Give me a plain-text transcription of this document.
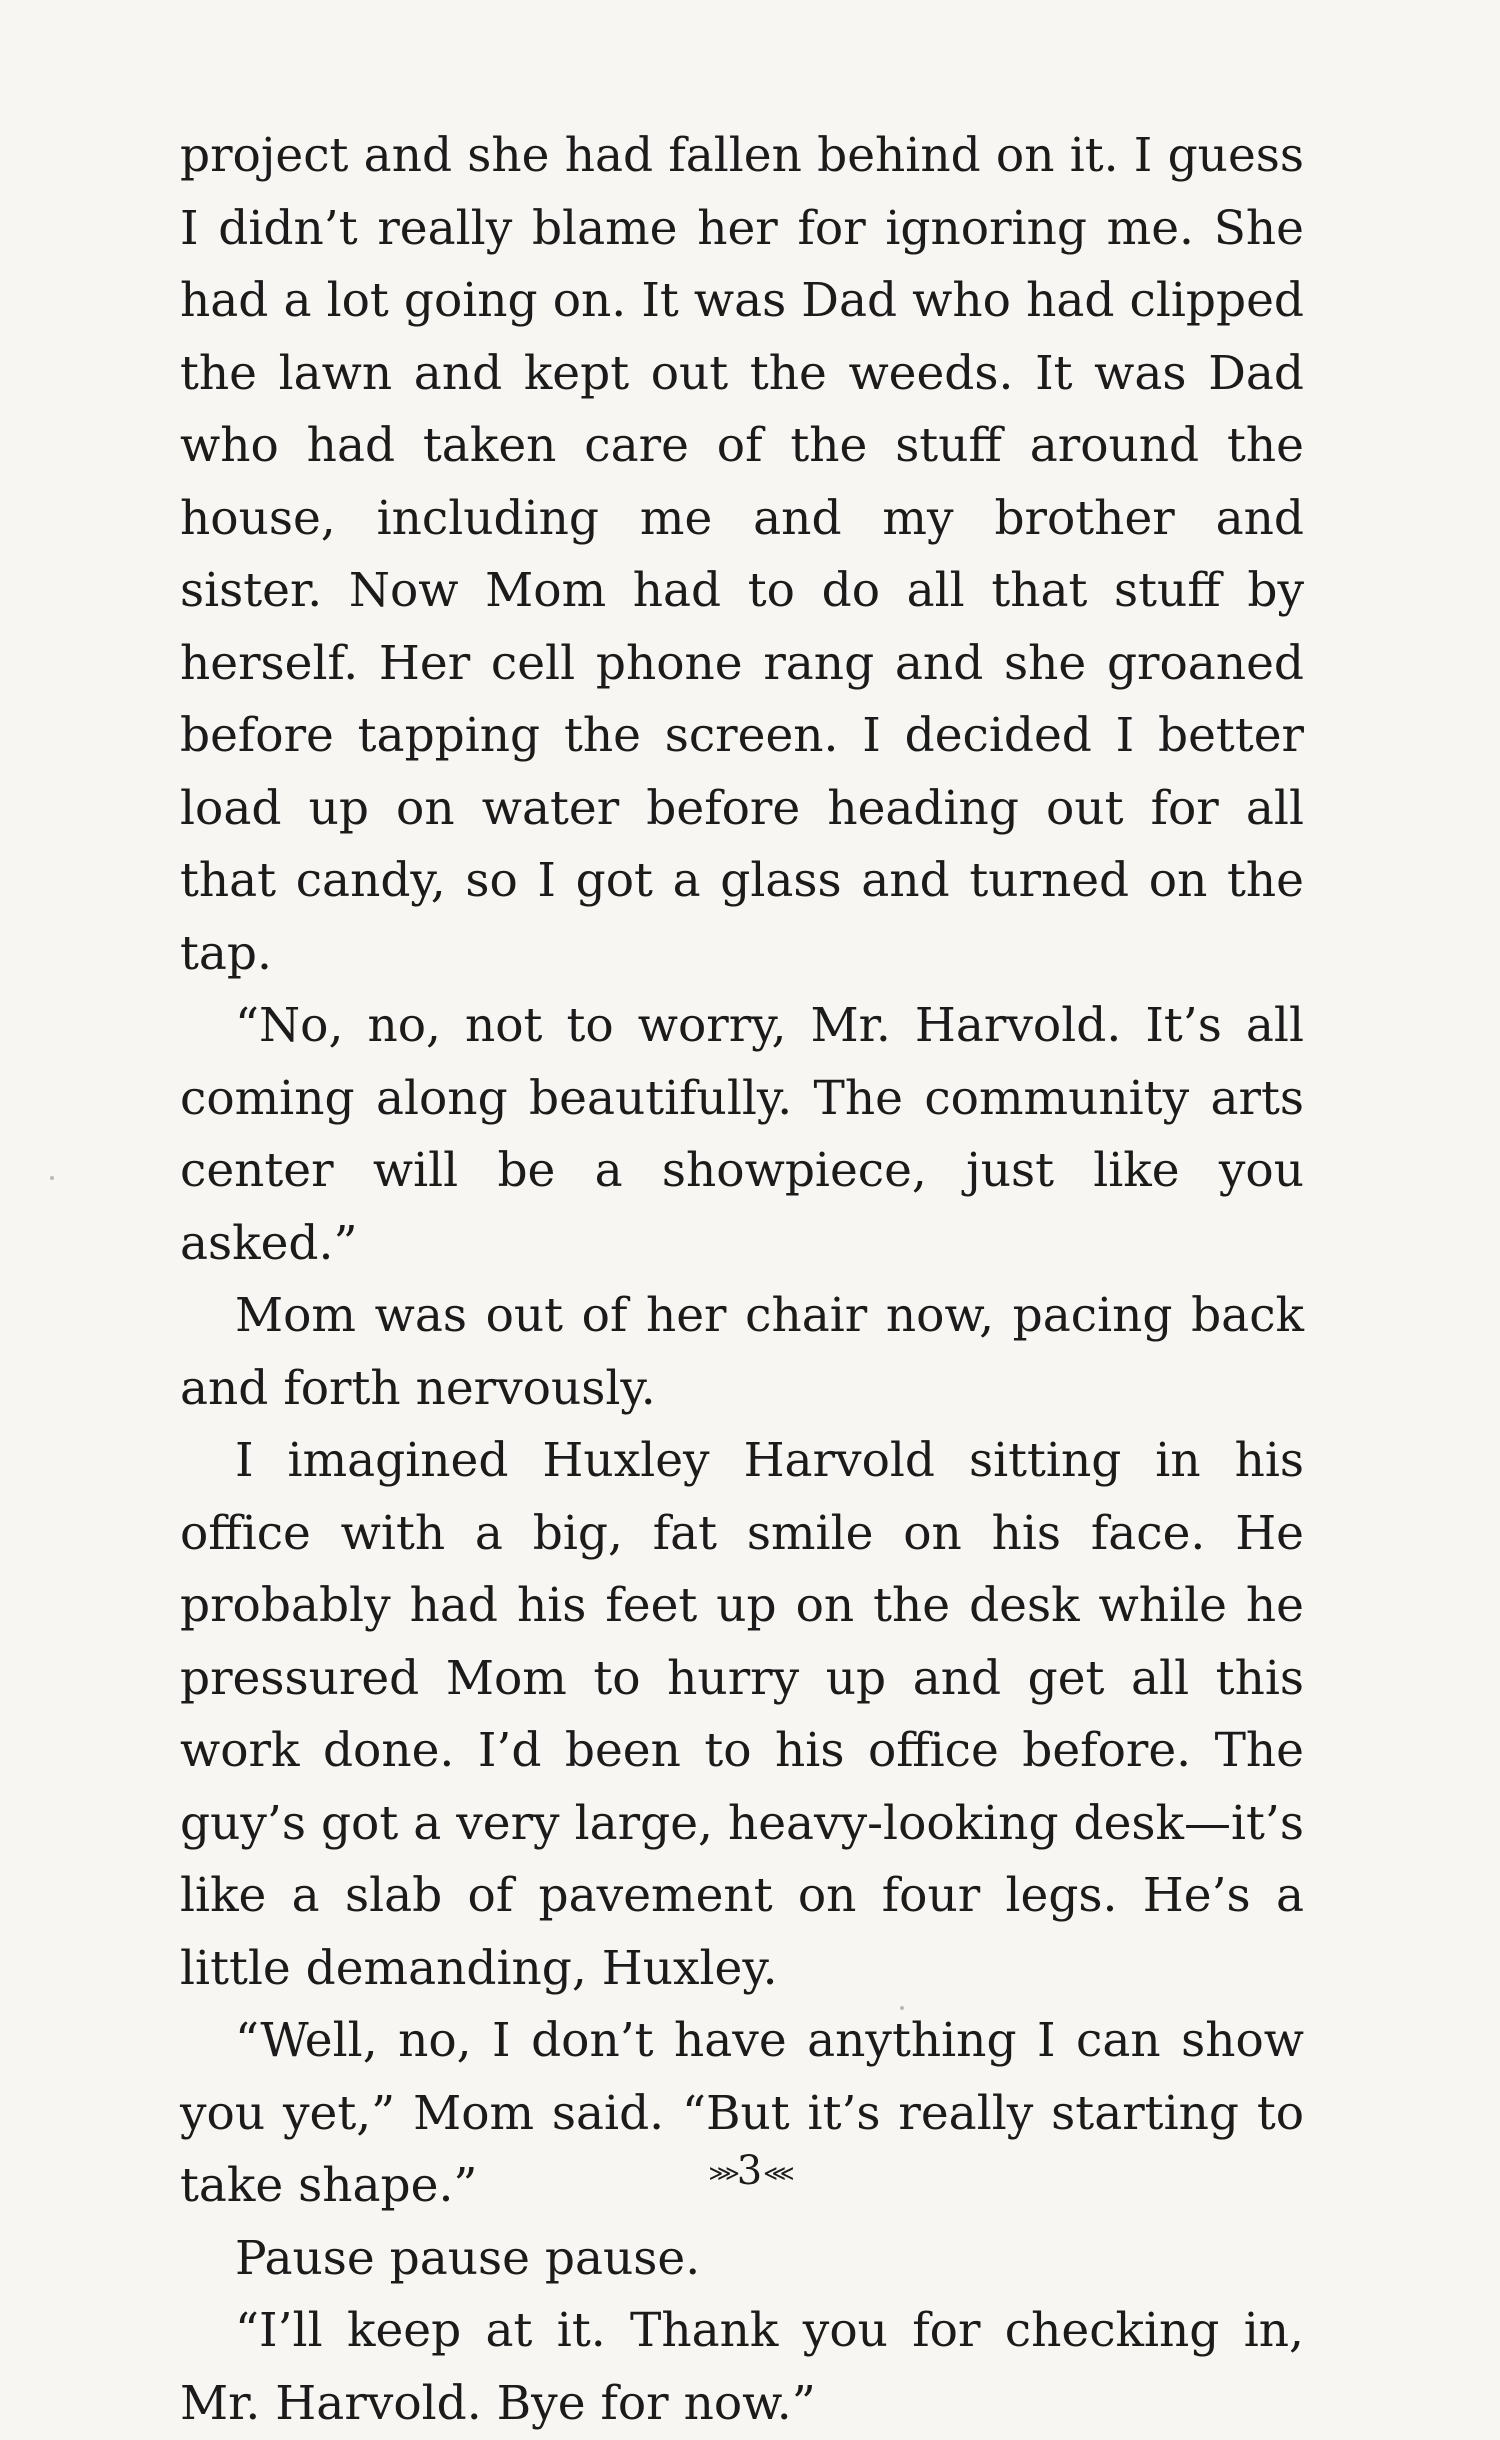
project and she had fallen behind on it. I guess I didn’t really blame her for ignoring me. She had a lot going on. It was Dad who had clipped the lawn and kept out the weeds. It was Dad who had taken care of the stuff around the house, including me and my brother and sister. Now Mom had to do all that stuff by herself. Her cell phone rang and she groaned before tapping the screen. I decided I better load up on water before heading out for all that candy, so I got a glass and turned on the tap.

“No, no, not to worry, Mr. Harvold. It’s all coming along beautifully. The community arts center will be a showpiece, just like you asked.”

Mom was out of her chair now, pacing back and forth nervously.

I imagined Huxley Harvold sitting in his office with a big, fat smile on his face. He probably had his feet up on the desk while he pressured Mom to hurry up and get all this work done. I’d been to his office before. The guy’s got a very large, heavy-looking desk—it’s like a slab of pavement on four legs. He’s a little demanding, Huxley.

“Well, no, I don’t have anything I can show you yet,” Mom said. “But it’s really starting to take shape.”

Pause pause pause.

“I’ll keep at it. Thank you for checking in, Mr. Harvold. Bye for now.”

⋙3⋘
